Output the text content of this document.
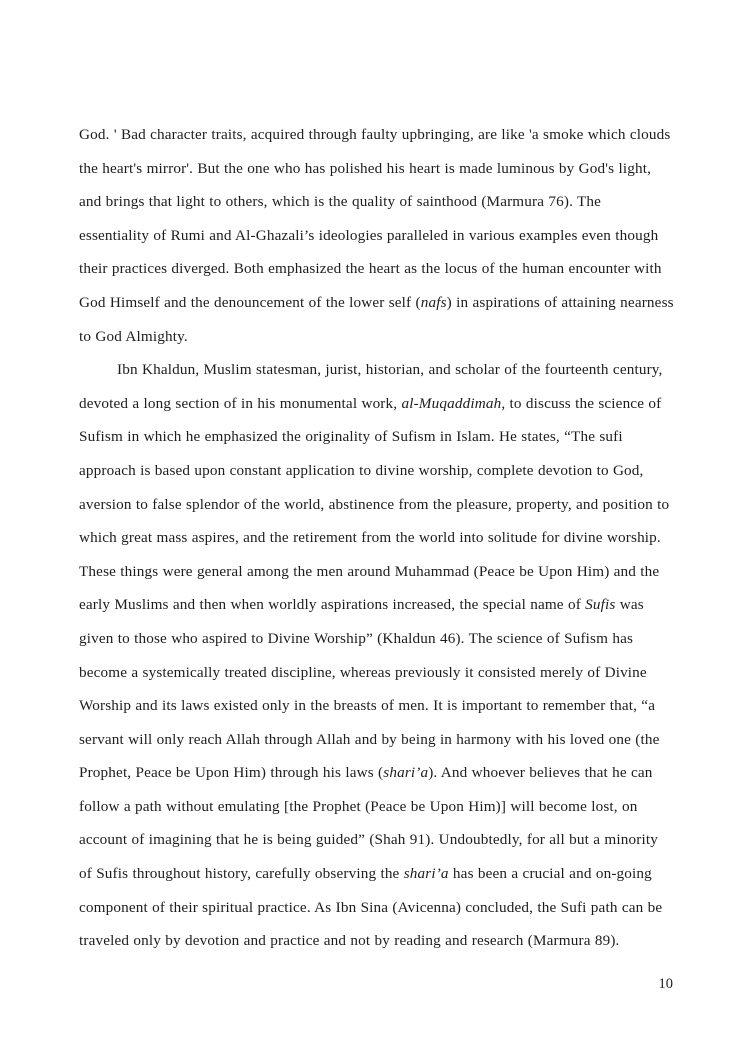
God. ' Bad character traits, acquired through faulty upbringing, are like 'a smoke which clouds the heart's mirror'. But the one who has polished his heart is made luminous by God's light, and brings that light to others, which is the quality of sainthood (Marmura 76). The essentiality of Rumi and Al-Ghazali’s ideologies paralleled in various examples even though their practices diverged. Both emphasized the heart as the locus of the human encounter with God Himself and the denouncement of the lower self (nafs) in aspirations of attaining nearness to God Almighty.

Ibn Khaldun, Muslim statesman, jurist, historian, and scholar of the fourteenth century, devoted a long section of in his monumental work, al-Muqaddimah, to discuss the science of Sufism in which he emphasized the originality of Sufism in Islam. He states, “The sufi approach is based upon constant application to divine worship, complete devotion to God, aversion to false splendor of the world, abstinence from the pleasure, property, and position to which great mass aspires, and the retirement from the world into solitude for divine worship. These things were general among the men around Muhammad (Peace be Upon Him) and the early Muslims and then when worldly aspirations increased, the special name of Sufis was given to those who aspired to Divine Worship” (Khaldun 46). The science of Sufism has become a systemically treated discipline, whereas previously it consisted merely of Divine Worship and its laws existed only in the breasts of men. It is important to remember that, “a servant will only reach Allah through Allah and by being in harmony with his loved one (the Prophet, Peace be Upon Him) through his laws (shari’a). And whoever believes that he can follow a path without emulating [the Prophet (Peace be Upon Him)] will become lost, on account of imagining that he is being guided” (Shah 91). Undoubtedly, for all but a minority of Sufis throughout history, carefully observing the shari’a has been a crucial and on-going component of their spiritual practice. As Ibn Sina (Avicenna) concluded, the Sufi path can be traveled only by devotion and practice and not by reading and research (Marmura 89).

10
